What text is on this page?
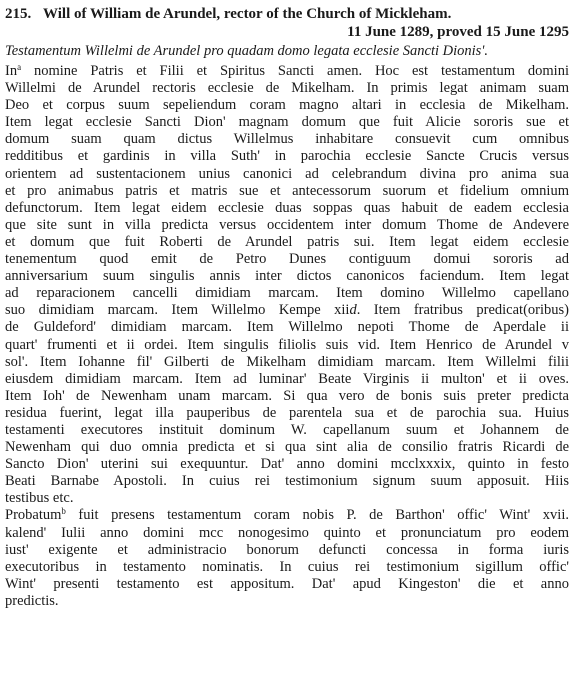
215. Will of William de Arundel, rector of the Church of Mickleham.
11 June 1289, proved 15 June 1295
Testamentum Willelmi de Arundel pro quadam domo legata ecclesie Sancti Dionis'.
In$^a$ nomine Patris et Filii et Spiritus Sancti amen. Hoc est testamentum domini
Willelmi de Arundel rectoris ecclesie de Mikelham. In primis legat animam suam
Deo et corpus suum sepeliendum coram magno altari in ecclesia de Mikelham.
Item legat ecclesie Sancti Dion' magnam domum que fuit Alicie sororis sue et
domum suam quam dictus Willelmus inhabitare consuevit cum omnibus
redditibus et gardinis in villa Suth' in parochia ecclesie Sancte Crucis versus
orientem ad sustentacionem unius canonici ad celebrandum divina pro anima sua
et pro animabus patris et matris sue et antecessorum suorum et fidelium omnium
defunctorum. Item legat eidem ecclesie duas soppas quas habuit de eadem ecclesia
que site sunt in villa predicta versus occidentem inter domum Thome de Andevere
et domum que fuit Roberti de Arundel patris sui. Item legat eidem ecclesie
tenementum quod emit de Petro Dunes contiguum domui sororis ad
anniversarium suum singulis annis inter dictos canonicos faciendum. Item legat
ad reparacionem cancelli dimidiam marcam. Item domino Willelmo capellano
suo dimidiam marcam. Item Willelmo Kempe xiid. Item fratribus predicat(oribus)
de Guldeford' dimidiam marcam. Item Willelmo nepoti Thome de Aperdale ii
quart' frumenti et ii ordei. Item singulis filiolis suis vid. Item Henrico de Arundel v
sol'. Item Iohanne fil' Gilberti de Mikelham dimidiam marcam. Item Willelmi filii
eiusdem dimidiam marcam. Item ad luminar' Beate Virginis ii multon' et ii oves.
Item Ioh' de Newenham unam marcam. Si qua vero de bonis suis preter predicta
residua fuerint, legat illa pauperibus de parentela sua et de parochia sua. Huius
testamenti executores instituit dominum W. capellanum suum et Johannem de
Newenham qui duo omnia predicta et si qua sint alia de consilio fratris Ricardi de
Sancto Dion' uterini sui exequuntur. Dat' anno domini mcclxxxix, quinto in festo
Beati Barnabe Apostoli. In cuius rei testimonium signum suum apposuit. Hiis
testibus etc.
Probatum$^b$ fuit presens testamentum coram nobis P. de Barthon' offic' Wint' xvii.
kalend' Iulii anno domini mcc nonogesimo quinto et pronunciatum pro eodem
iust' exigente et administracio bonorum defuncti concessa in forma iuris
executoribus in testamento nominatis. In cuius rei testimonium sigillum offic'
Wint' presenti testamento est appositum. Dat' apud Kingeston' die et anno
predictis.
